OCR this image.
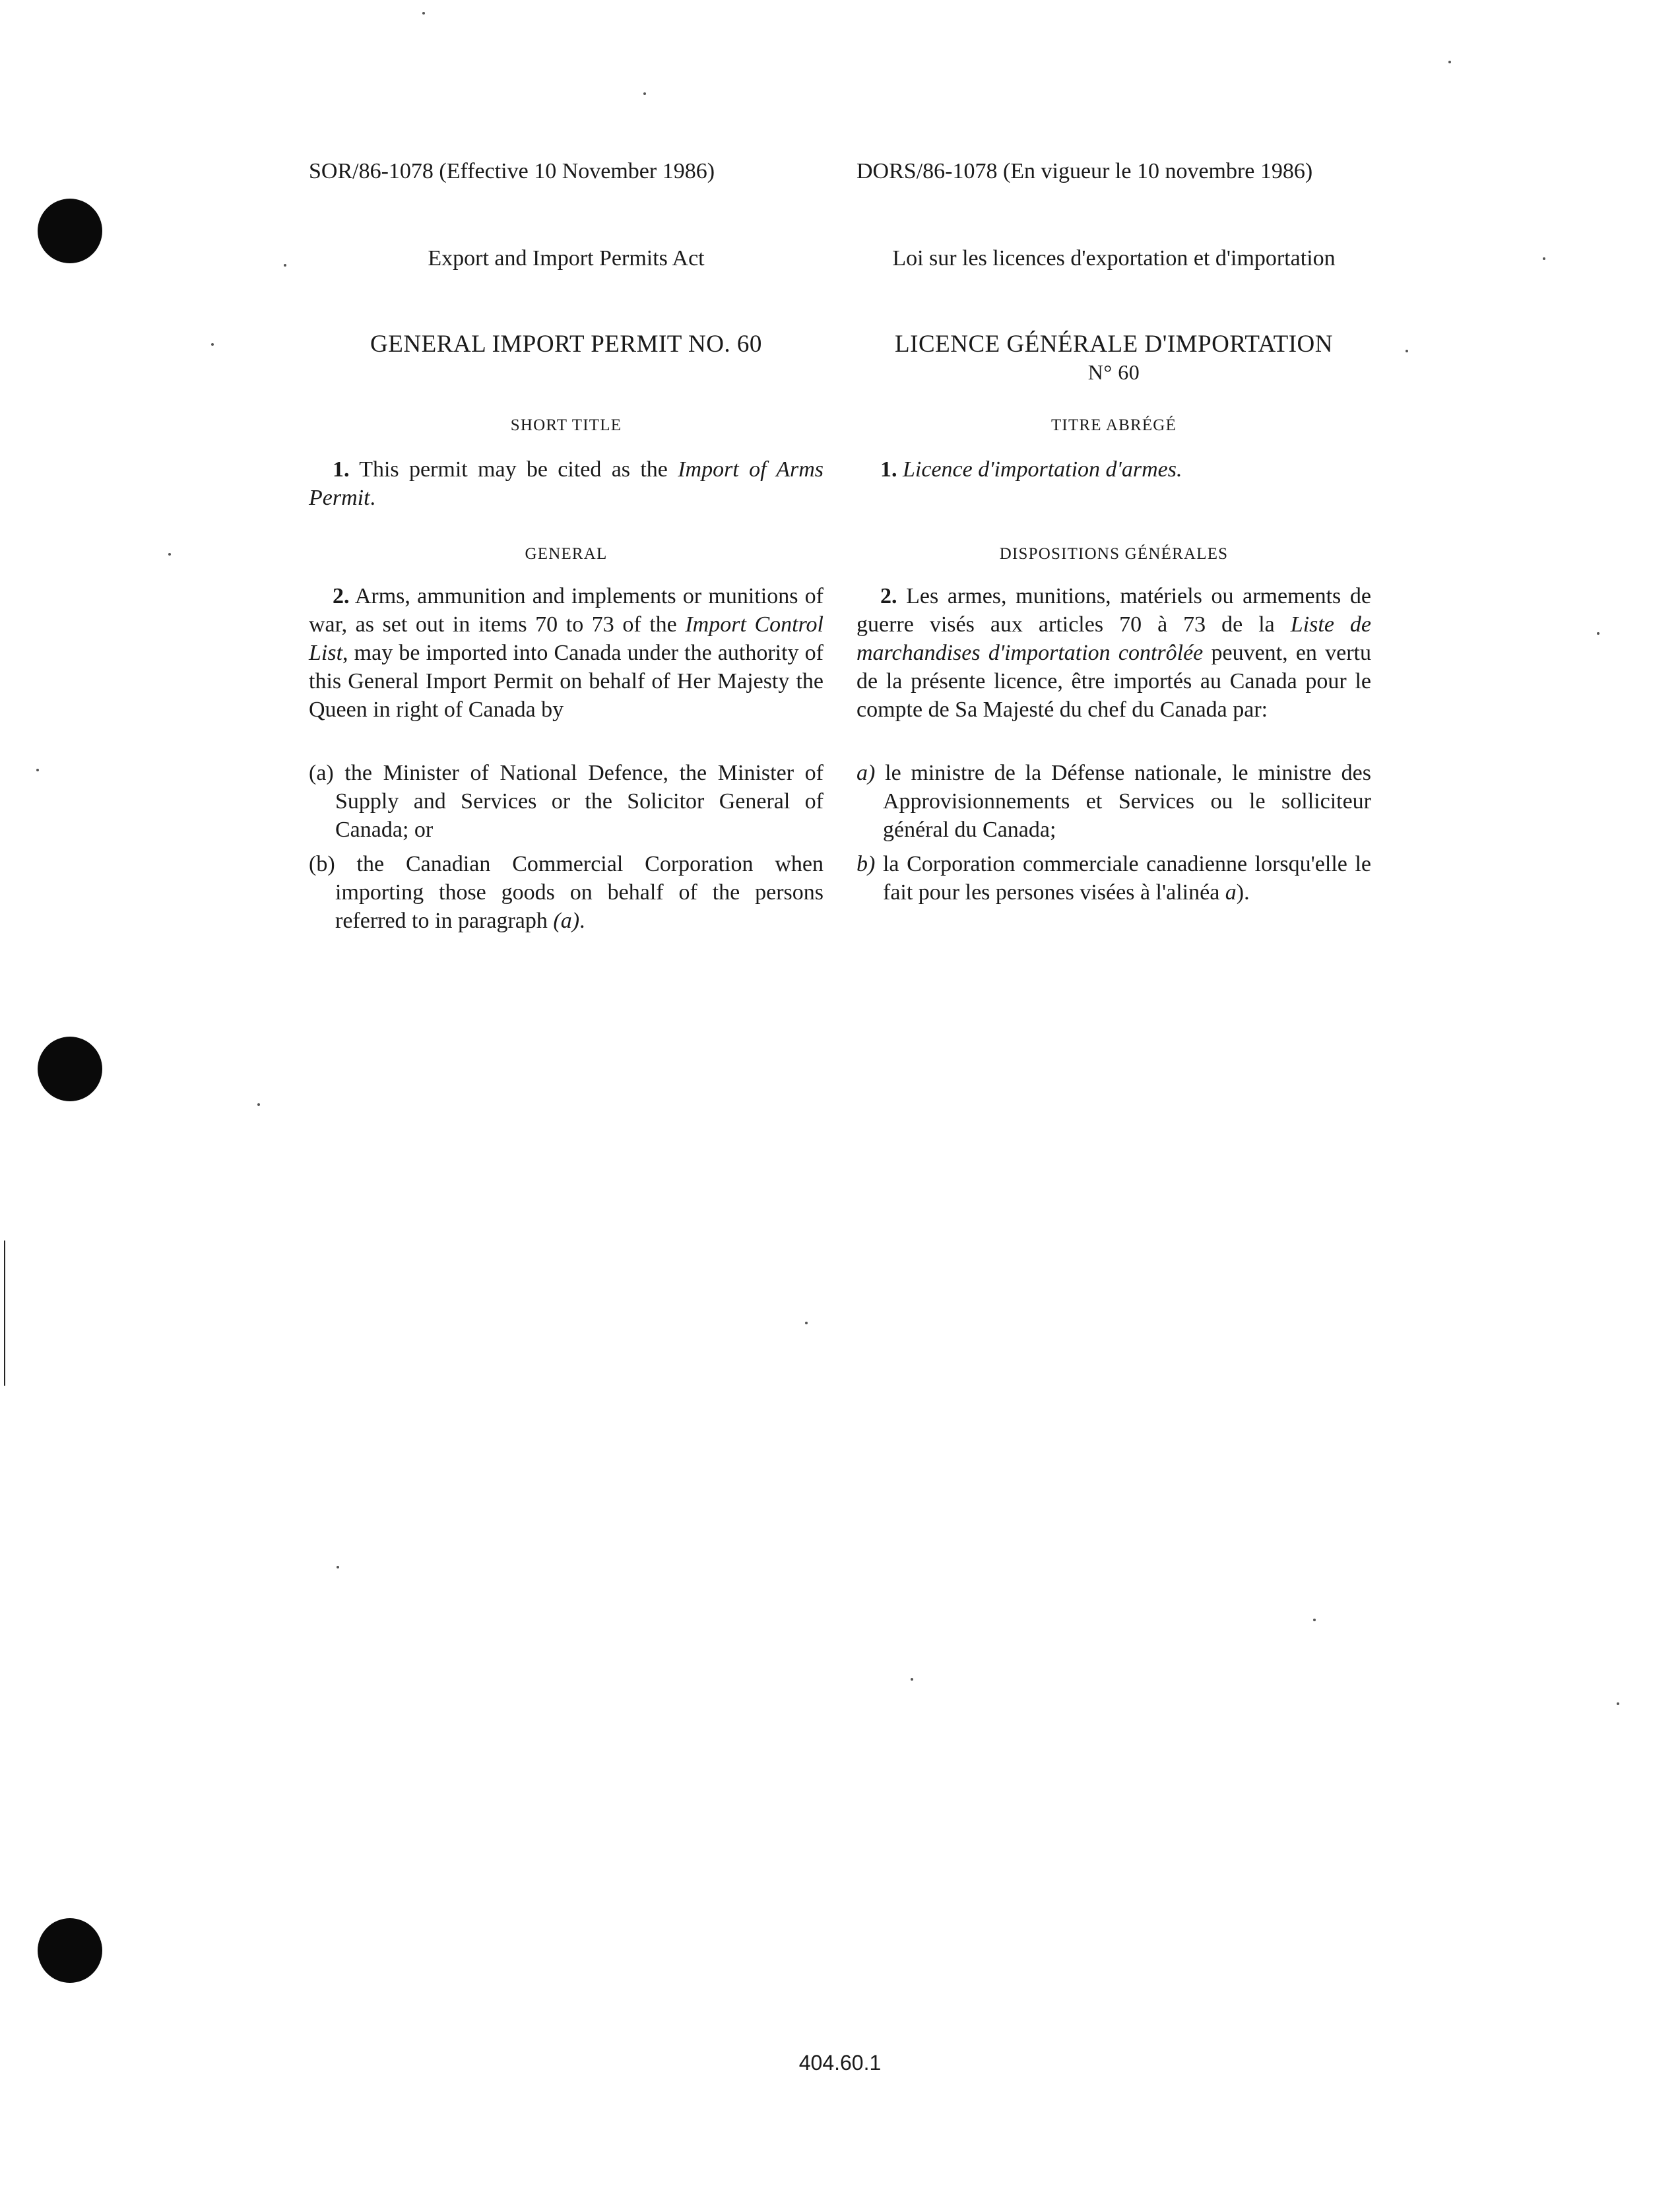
SOR/86-1078 (Effective 10 November 1986)
Export and Import Permits Act
GENERAL IMPORT PERMIT NO. 60
SHORT TITLE
1. This permit may be cited as the Import of Arms Permit.
GENERAL
2. Arms, ammunition and implements or munitions of war, as set out in items 70 to 73 of the Import Control List, may be imported into Canada under the authority of this General Import Permit on behalf of Her Majesty the Queen in right of Canada by

(a) the Minister of National Defence, the Minister of Supply and Services or the Solicitor General of Canada; or

(b) the Canadian Commercial Corporation when importing those goods on behalf of the persons referred to in paragraph (a).

DORS/86-1078 (En vigueur le 10 novembre 1986)
Loi sur les licences d'exportation et d'importation
LICENCE GÉNÉRALE D'IMPORTATION
N° 60
TITRE ABRÉGÉ
1. Licence d'importation d'armes.
DISPOSITIONS GÉNÉRALES
2. Les armes, munitions, matériels ou armements de guerre visés aux articles 70 à 73 de la Liste de marchandises d'importation contrôlée peuvent, en vertu de la présente licence, être importés au Canada pour le compte de Sa Majesté du chef du Canada par:

a) le ministre de la Défense nationale, le ministre des Approvisionnements et Services ou le solliciteur général du Canada;

b) la Corporation commerciale canadienne lorsqu'elle le fait pour les persones visées à l'alinéa a).

404.60.1
